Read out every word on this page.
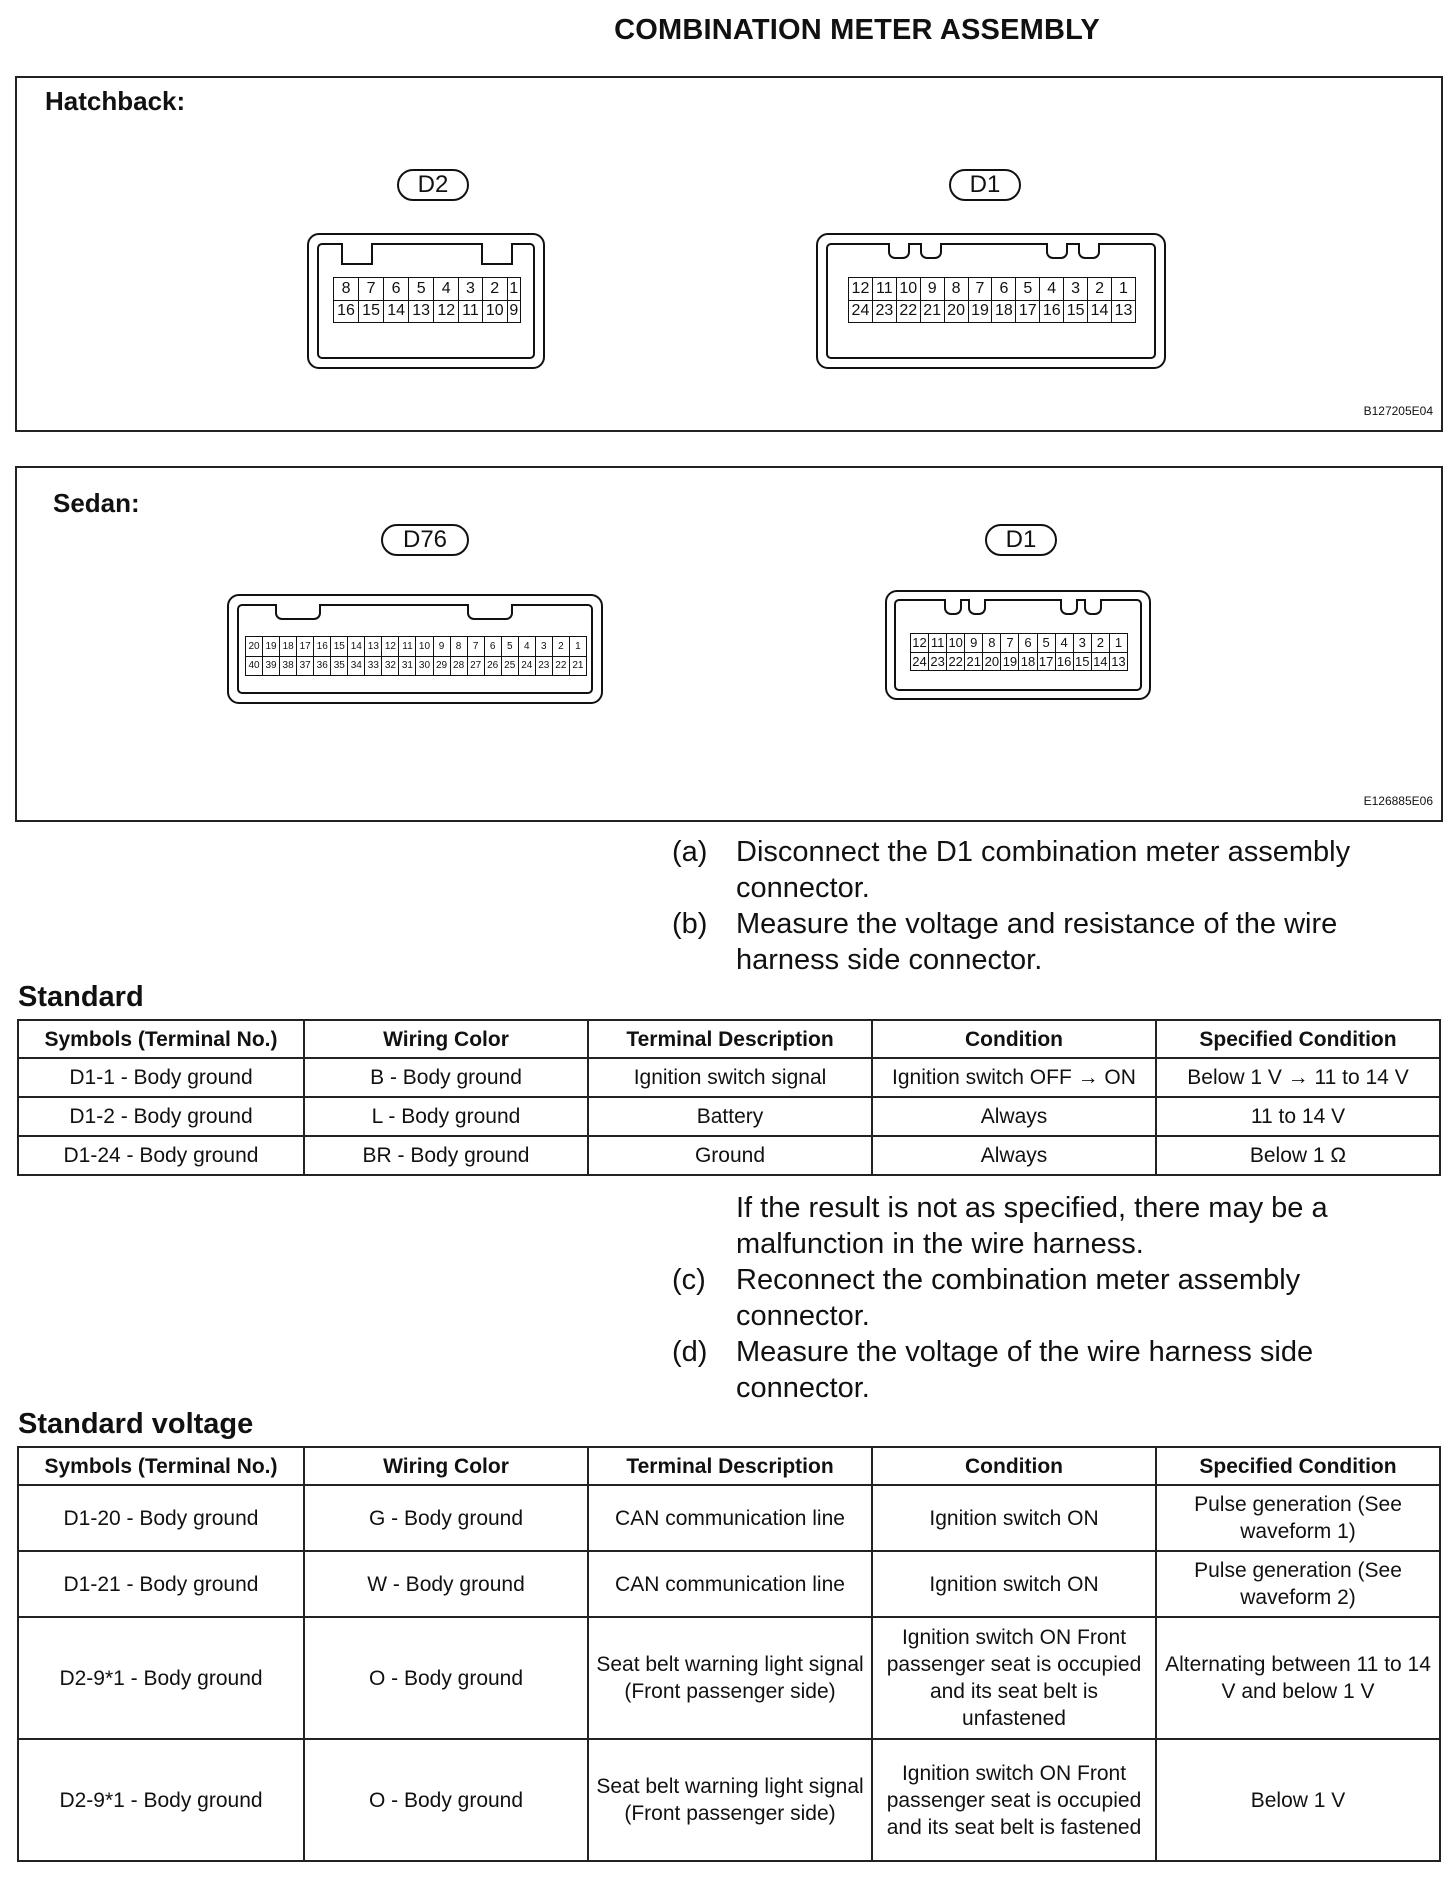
COMBINATION METER ASSEMBLY
Hatchback:
D2
8	7	6	5	4	3	2	1
16	15	14	13	12	11	10	9
D1
12	11	10	9	8	7	6	5	4	3	2	1
24	23	22	21	20	19	18	17	16	15	14	13
B127205E04
Sedan:
D76
20	19	18	17	16	15	14	13	12	11	10	9	8	7	6	5	4	3	2	1
40	39	38	37	36	35	34	33	32	31	30	29	28	27	26	25	24	23	22	21
D1
12	11	10	9	8	7	6	5	4	3	2	1
24	23	22	21	20	19	18	17	16	15	14	13
E126885E06
(a) Disconnect the D1 combination meter assembly connector.
(b) Measure the voltage and resistance of the wire harness side connector.
Standard
Symbols (Terminal No.)	Wiring Color	Terminal Description	Condition	Specified Condition
D1-1 - Body ground	B - Body ground	Ignition switch signal	Ignition switch OFF → ON	Below 1 V → 11 to 14 V
D1-2 - Body ground	L - Body ground	Battery	Always	11 to 14 V
D1-24 - Body ground	BR - Body ground	Ground	Always	Below 1 Ω
If the result is not as specified, there may be a malfunction in the wire harness.
(c) Reconnect the combination meter assembly connector.
(d) Measure the voltage of the wire harness side connector.
Standard voltage
Symbols (Terminal No.)	Wiring Color	Terminal Description	Condition	Specified Condition
D1-20 - Body ground	G - Body ground	CAN communication line	Ignition switch ON	Pulse generation (See waveform 1)
D1-21 - Body ground	W - Body ground	CAN communication line	Ignition switch ON	Pulse generation (See waveform 2)
D2-9*1 - Body ground	O - Body ground	Seat belt warning light signal (Front passenger side)	Ignition switch ON Front passenger seat is occupied and its seat belt is unfastened	Alternating between 11 to 14 V and below 1 V
D2-9*1 - Body ground	O - Body ground	Seat belt warning light signal (Front passenger side)	Ignition switch ON Front passenger seat is occupied and its seat belt is fastened	Below 1 V
